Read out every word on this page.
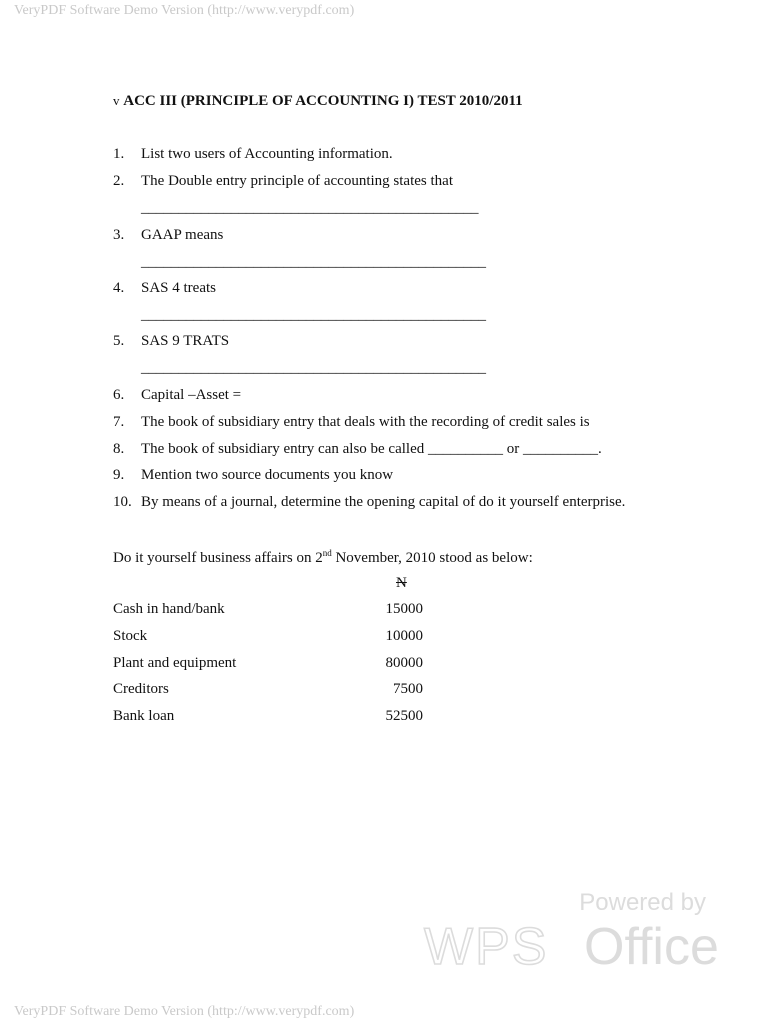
VeryPDF Software Demo Version (http://www.verypdf.com)
v ACC III (PRINCIPLE OF ACCOUNTING I) TEST 2010/2011
1. List two users of Accounting information.
2. The Double entry principle of accounting states that
_____________________________________________
3. GAAP means
______________________________________________
4. SAS 4 treats
______________________________________________
5. SAS 9 TRATS
______________________________________________
6. Capital –Asset =
7. The book of subsidiary entry that deals with the recording of credit sales is
8. The book of subsidiary entry can also be called __________ or __________.
9. Mention two source documents you know
10. By means of a journal, determine the opening capital of do it yourself enterprise.
Do it yourself business affairs on 2nd November, 2010 stood as below:
N
Cash in hand/bank	15000
Stock	10000
Plant and equipment	80000
Creditors	7500
Bank loan	52500
Powered by
WPS Office
VeryPDF Software Demo Version (http://www.verypdf.com)
